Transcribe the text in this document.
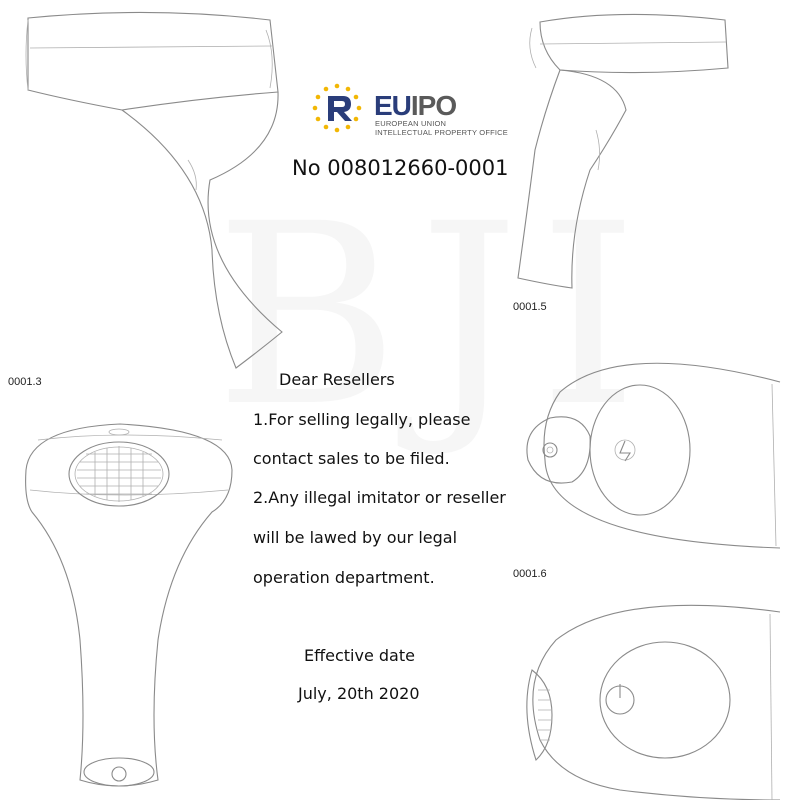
EUIPO
EUROPEAN UNION
INTELLECTUAL PROPERTY OFFICE
No 008012660-0001
0001.3
0001.5
0001.6
Dear Resellers
1.For selling legally, please
contact sales to be filed.
2.Any illegal imitator or reseller
will be lawed by our legal
operation department.
Effective date
July, 20th 2020
